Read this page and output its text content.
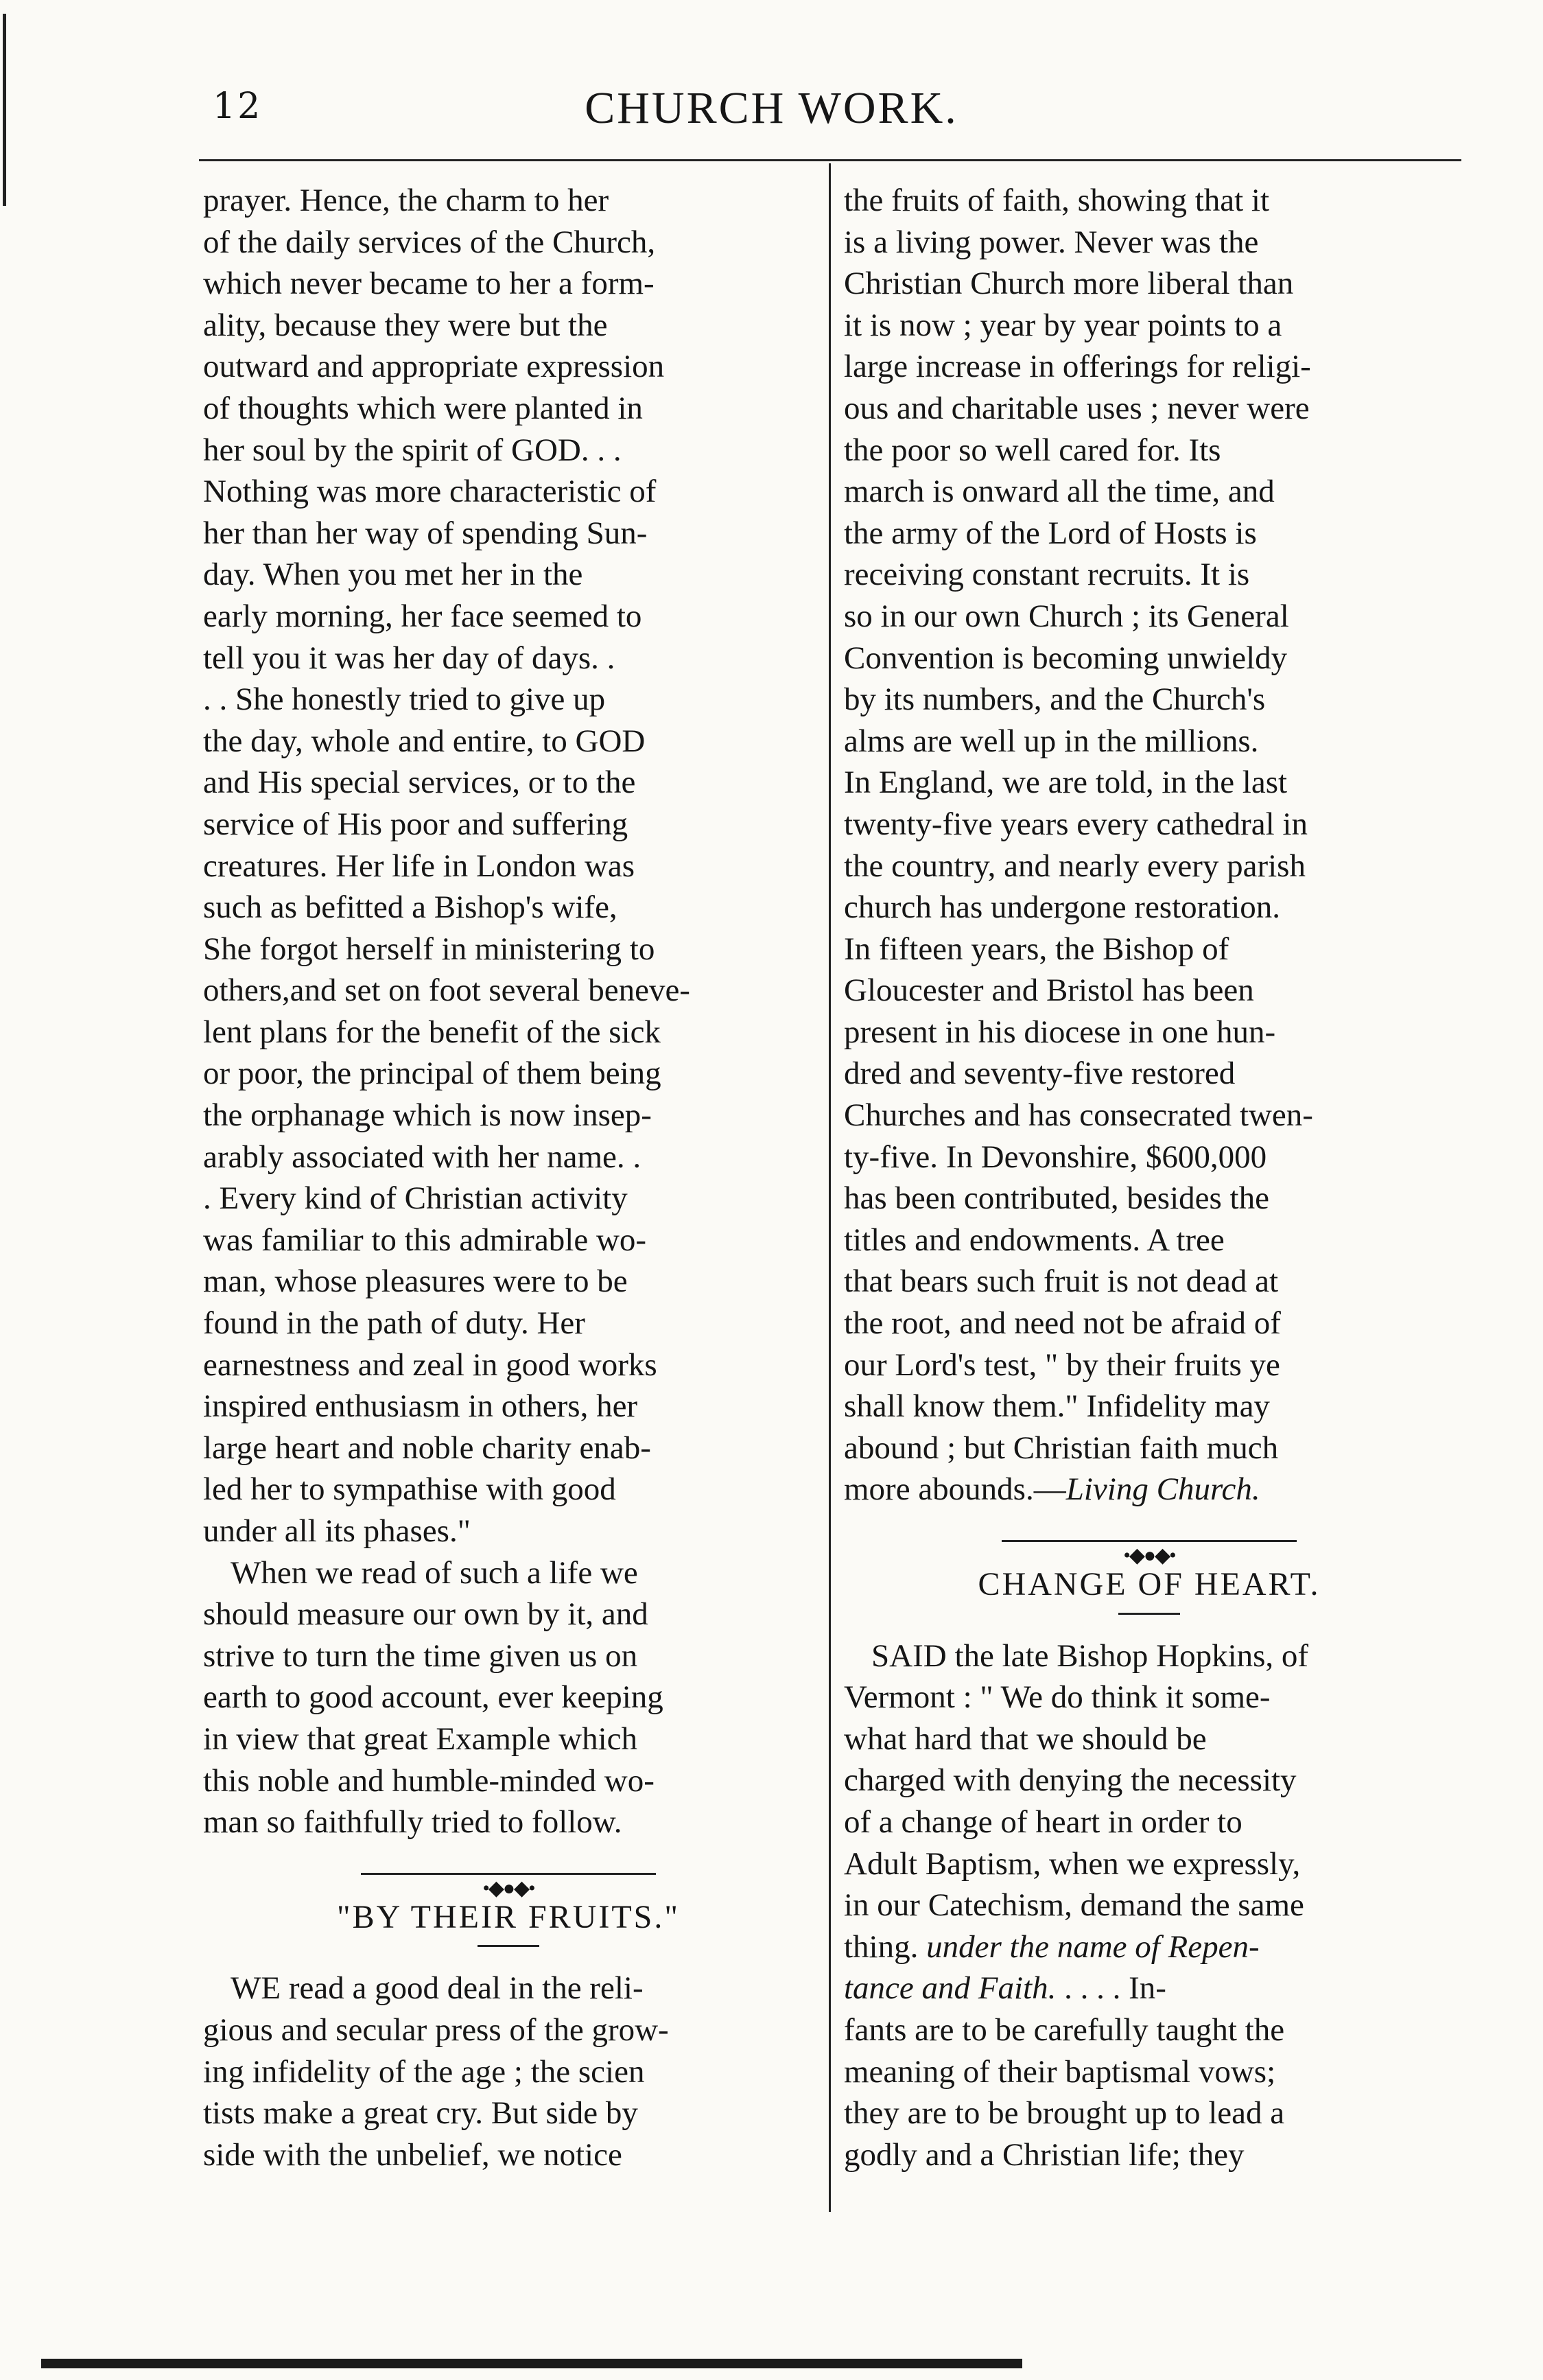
12	CHURCH WORK.

prayer. Hence, the charm to her
of the daily services of the Church,
which never became to her a form-
ality, because they were but the
outward and appropriate expression
of thoughts which were planted in
her soul by the spirit of GOD. . .
Nothing was more characteristic of
her than her way of spending Sun-
day. When you met her in the
early morning, her face seemed to
tell you it was her day of days. .
. . She honestly tried to give up
the day, whole and entire, to GOD
and His special services, or to the
service of His poor and suffering
creatures. Her life in London was
such as befitted a Bishop's wife,
She forgot herself in ministering to
others,and set on foot several beneve-
lent plans for the benefit of the sick
or poor, the principal of them being
the orphanage which is now insep-
arably associated with her name. .
. Every kind of Christian activity
was familiar to this admirable wo-
man, whose pleasures were to be
found in the path of duty. Her
earnestness and zeal in good works
inspired enthusiasm in others, her
large heart and noble charity enab-
led her to sympathise with good
under all its phases."

When we read of such a life we
should measure our own by it, and
strive to turn the time given us on
earth to good account, ever keeping
in view that great Example which
this noble and humble-minded wo-
man so faithfully tried to follow.

•◆●◆•
"BY THEIR FRUITS."

WE read a good deal in the reli-
gious and secular press of the grow-
ing infidelity of the age ; the scien
tists make a great cry. But side by
side with the unbelief, we notice

the fruits of faith, showing that it
is a living power. Never was the
Christian Church more liberal than
it is now ; year by year points to a
large increase in offerings for religi-
ous and charitable uses ; never were
the poor so well cared for. Its
march is onward all the time, and
the army of the Lord of Hosts is
receiving constant recruits. It is
so in our own Church ; its General
Convention is becoming unwieldy
by its numbers, and the Church's
alms are well up in the millions.
In England, we are told, in the last
twenty-five years every cathedral in
the country, and nearly every parish
church has undergone restoration.
In fifteen years, the Bishop of
Gloucester and Bristol has been
present in his diocese in one hun-
dred and seventy-five restored
Churches and has consecrated twen-
ty-five. In Devonshire, $600,000
has been contributed, besides the
titles and endowments. A tree
that bears such fruit is not dead at
the root, and need not be afraid of
our Lord's test, " by their fruits ye
shall know them." Infidelity may
abound ; but Christian faith much
more abounds.—Living Church.

•◆●◆•
CHANGE OF HEART.

SAID the late Bishop Hopkins, of
Vermont : " We do think it some-
what hard that we should be
charged with denying the necessity
of a change of heart in order to
Adult Baptism, when we expressly,
in our Catechism, demand the same
thing. under the name of Repen-
tance and Faith. . . . . In-
fants are to be carefully taught the
meaning of their baptismal vows;
they are to be brought up to lead a
godly and a Christian life; they
